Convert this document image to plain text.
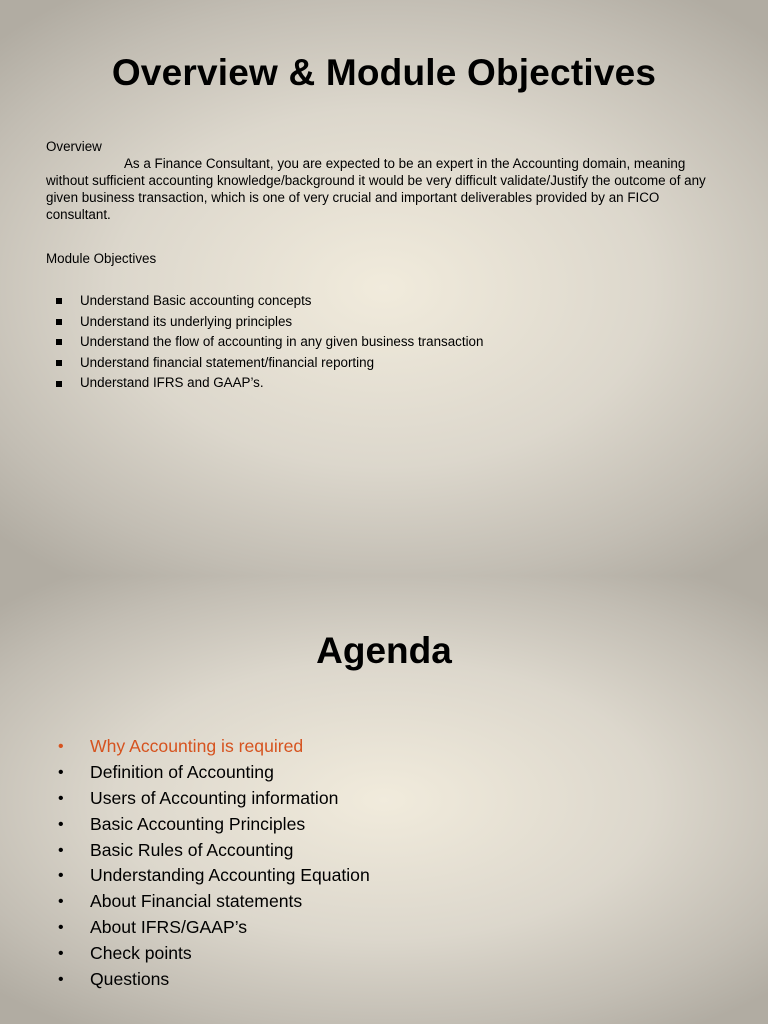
Overview & Module Objectives

Overview

As a Finance Consultant, you are expected to be an expert in the Accounting domain, meaning without sufficient accounting knowledge/background it would be very difficult validate/Justify the outcome of any given business transaction, which is one of very crucial and important deliverables provided by an FICO consultant.

Module Objectives

Understand Basic accounting concepts
Understand its underlying principles
Understand the flow of accounting in any given business transaction
Understand financial statement/financial reporting
Understand IFRS and GAAP’s.
Agenda
•	Why Accounting is required
•	Definition of Accounting
•	Users of Accounting information
•	Basic Accounting Principles
•	Basic Rules of Accounting
•	Understanding Accounting Equation
•	About Financial statements
•	About IFRS/GAAP’s
•	Check points
•	Questions
